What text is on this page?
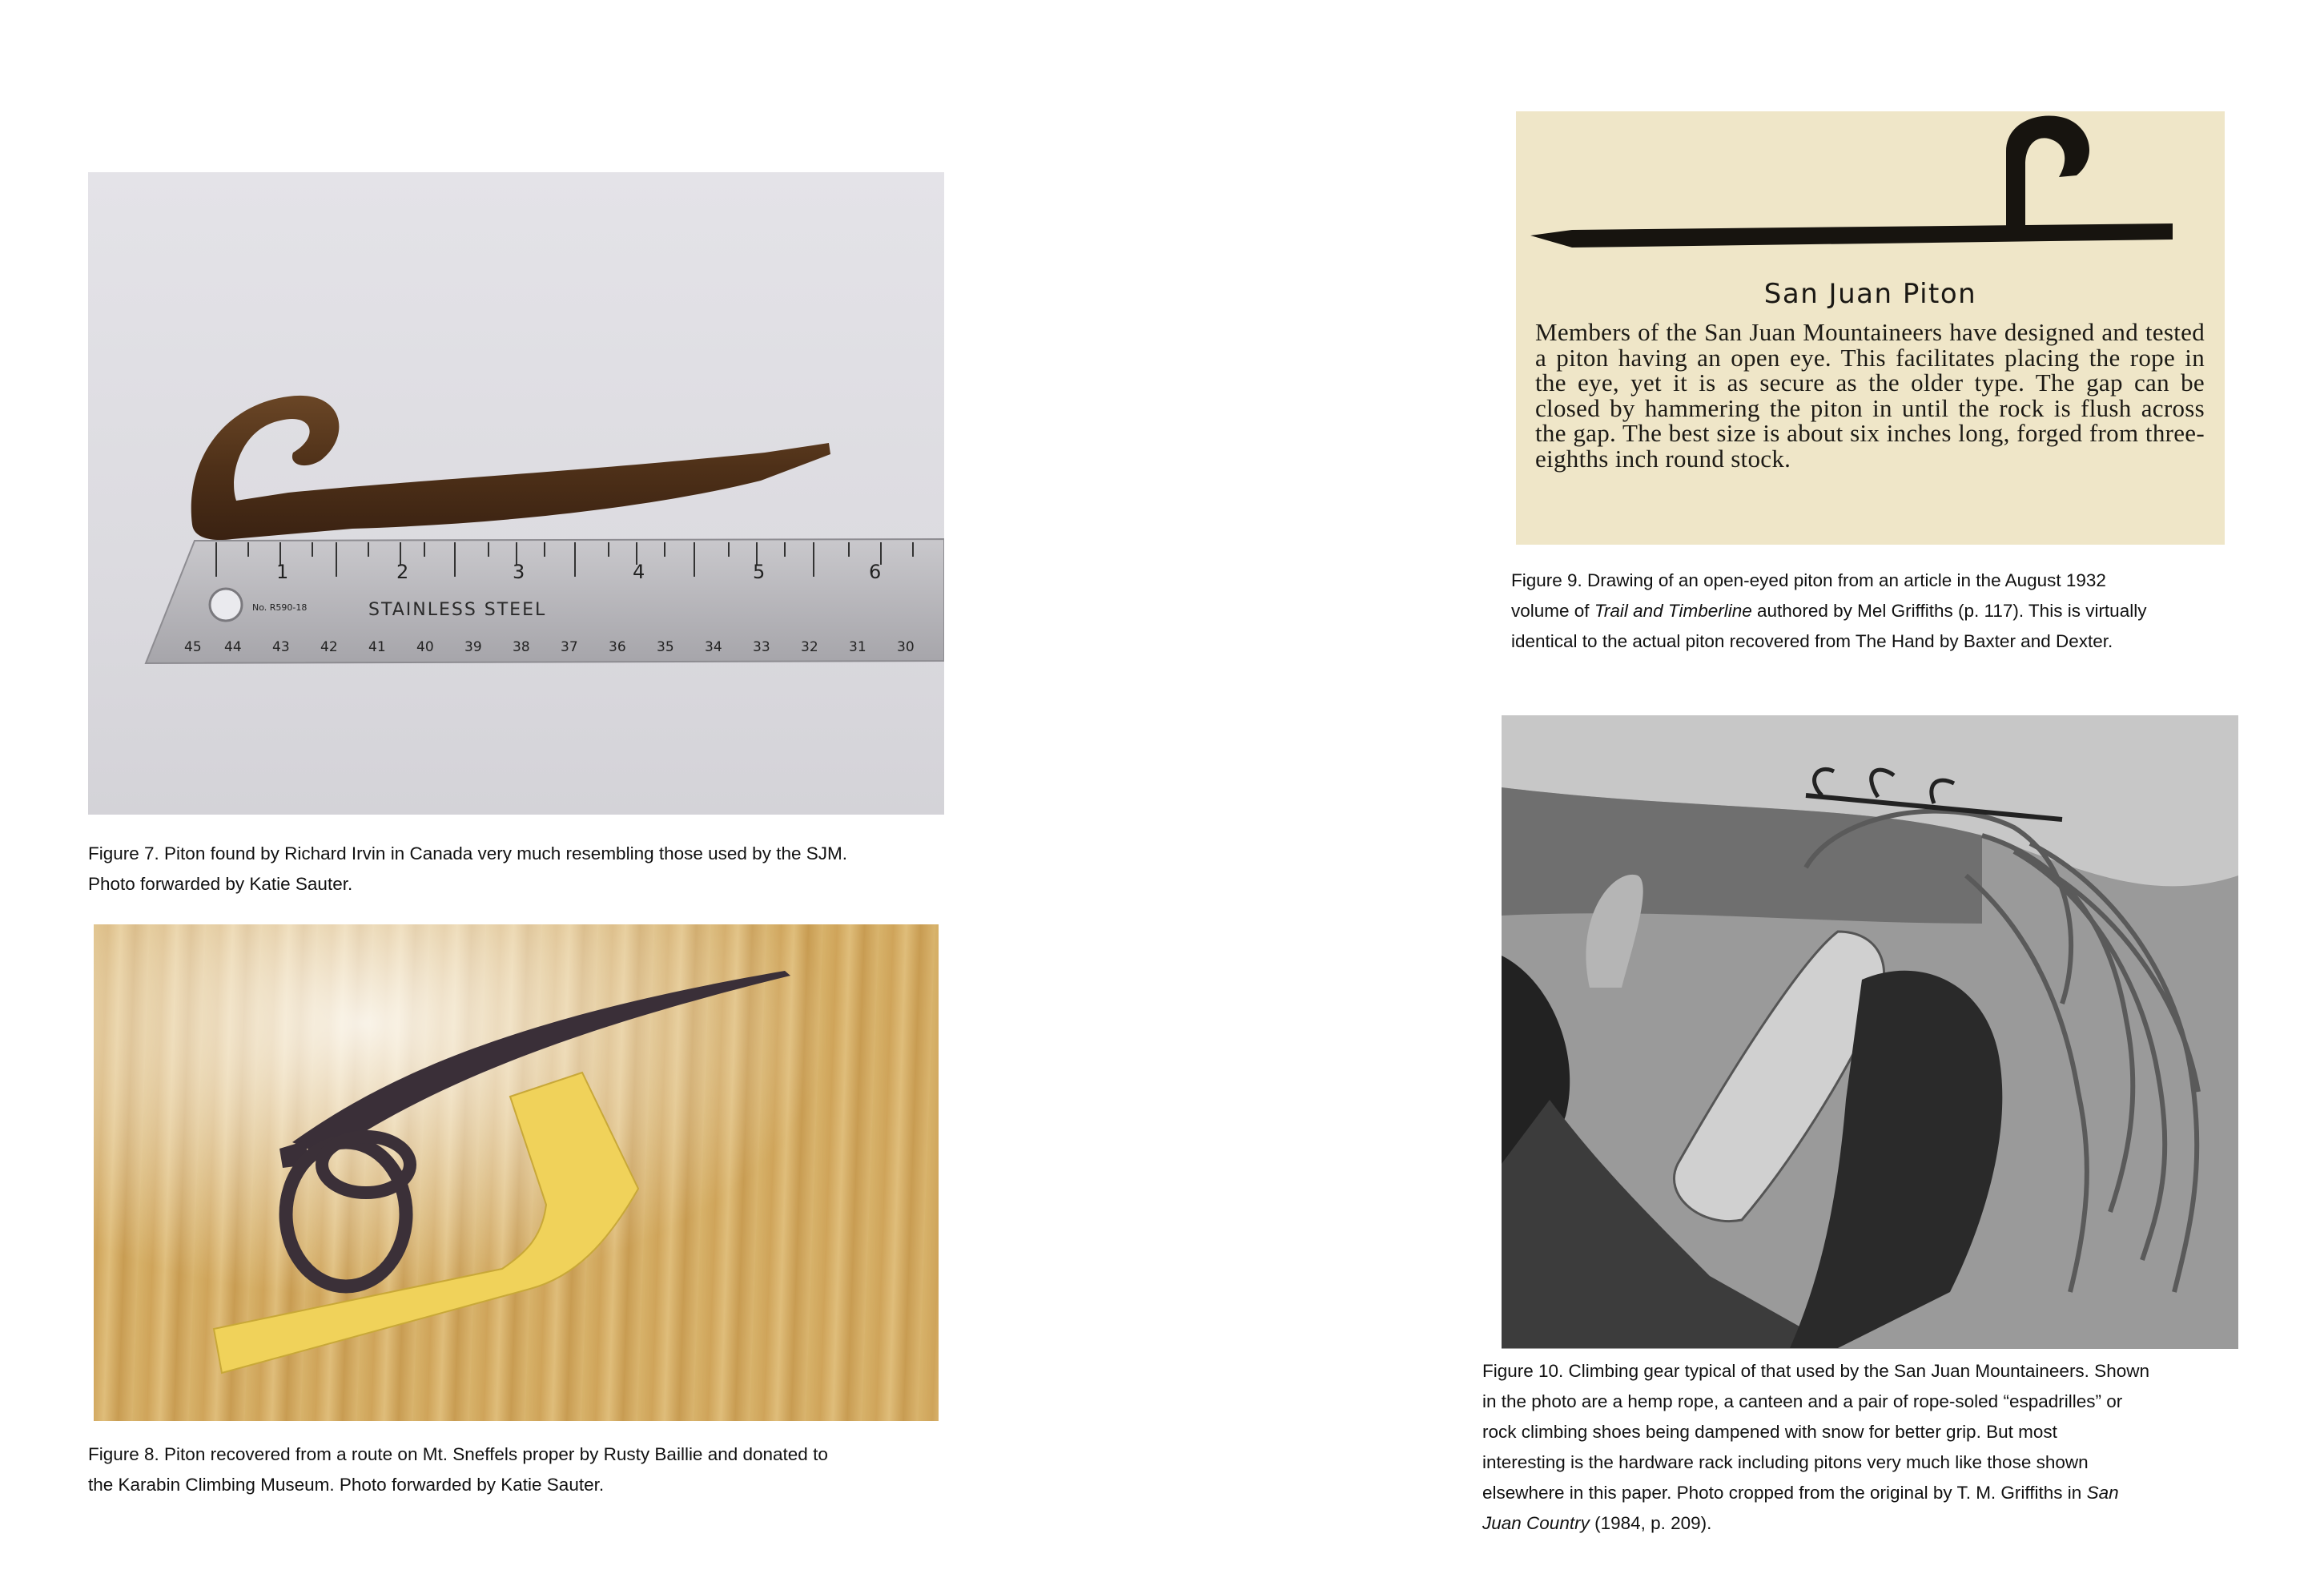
1	2	3	4	5	6
45 44 43 42 41 40 39 38 37 36 35 34 33 32 31 30
No. R590-18	STAINLESS STEEL
Figure 7. Piton found by Richard Irvin in Canada very much resembling those used by the SJM.
Photo forwarded by Katie Sauter.
Figure 8. Piton recovered from a route on Mt. Sneffels proper by Rusty Baillie and donated to
the Karabin Climbing Museum. Photo forwarded by Katie Sauter.
San Juan Piton
Members of the San Juan Mountaineers have designed and tested a piton having an open eye. This facilitates placing the rope in the eye, yet it is as secure as the older type. The gap can be closed by hammering the piton in until the rock is flush across the gap. The best size is about six inches long, forged from three-eighths inch round stock.
Figure 9. Drawing of an open-eyed piton from an article in the August 1932
volume of Trail and Timberline authored by Mel Griffiths (p. 117). This is virtually
identical to the actual piton recovered from The Hand by Baxter and Dexter.
Figure 10. Climbing gear typical of that used by the San Juan Mountaineers. Shown
in the photo are a hemp rope, a canteen and a pair of rope-soled “espadrilles” or
rock climbing shoes being dampened with snow for better grip. But most
interesting is the hardware rack including pitons very much like those shown
elsewhere in this paper. Photo cropped from the original by T. M. Griffiths in San
Juan Country (1984, p. 209).
